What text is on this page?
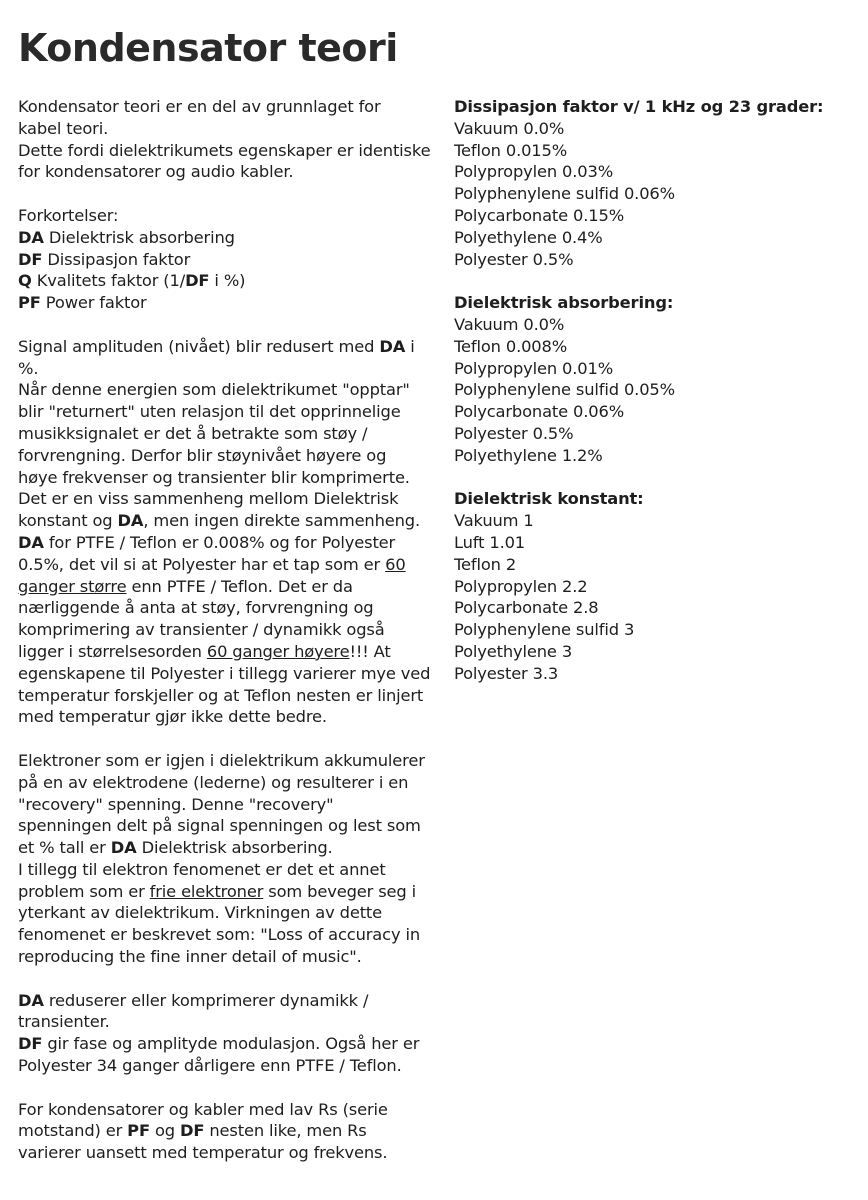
Kondensator teori

Kondensator teori er en del av grunnlaget for
kabel teori.
Dette fordi dielektrikumets egenskaper er identiske
for kondensatorer og audio kabler.

Forkortelser:
DA Dielektrisk absorbering
DF Dissipasjon faktor
Q Kvalitets faktor (1/DF i %)
PF Power faktor

Signal amplituden (nivået) blir redusert med DA i
%.
Når denne energien som dielektrikumet "opptar"
blir "returnert" uten relasjon til det opprinnelige
musikksignalet er det å betrakte som støy /
forvrengning. Derfor blir støynivået høyere og
høye frekvenser og transienter blir komprimerte.
Det er en viss sammenheng mellom Dielektrisk
konstant og DA, men ingen direkte sammenheng.
DA for PTFE / Teflon er 0.008% og for Polyester
0.5%, det vil si at Polyester har et tap som er 60
ganger større enn PTFE / Teflon. Det er da
nærliggende å anta at støy, forvrengning og
komprimering av transienter / dynamikk også
ligger i størrelsesorden 60 ganger høyere!!! At
egenskapene til Polyester i tillegg varierer mye ved
temperatur forskjeller og at Teflon nesten er linjert
med temperatur gjør ikke dette bedre.

Elektroner som er igjen i dielektrikum akkumulerer
på en av elektrodene (lederne) og resulterer i en
"recovery" spenning. Denne "recovery"
spenningen delt på signal spenningen og lest som
et % tall er DA Dielektrisk absorbering.
I tillegg til elektron fenomenet er det et annet
problem som er frie elektroner som beveger seg i
yterkant av dielektrikum. Virkningen av dette
fenomenet er beskrevet som: "Loss of accuracy in
reproducing the fine inner detail of music".

DA reduserer eller komprimerer dynamikk /
transienter.
DF gir fase og amplityde modulasjon. Også her er
Polyester 34 ganger dårligere enn PTFE / Teflon.

For kondensatorer og kabler med lav Rs (serie
motstand) er PF og DF nesten like, men Rs
varierer uansett med temperatur og frekvens.

Dissipasjon faktor v/ 1 kHz og 23 grader:
Vakuum 0.0%
Teflon 0.015%
Polypropylen 0.03%
Polyphenylene sulfid 0.06%
Polycarbonate 0.15%
Polyethylene 0.4%
Polyester 0.5%
Dielektrisk absorbering:
Vakuum 0.0%
Teflon 0.008%
Polypropylen 0.01%
Polyphenylene sulfid 0.05%
Polycarbonate 0.06%
Polyester 0.5%
Polyethylene 1.2%
Dielektrisk konstant:
Vakuum 1
Luft 1.01
Teflon 2
Polypropylen 2.2
Polycarbonate 2.8
Polyphenylene sulfid 3
Polyethylene 3
Polyester 3.3
